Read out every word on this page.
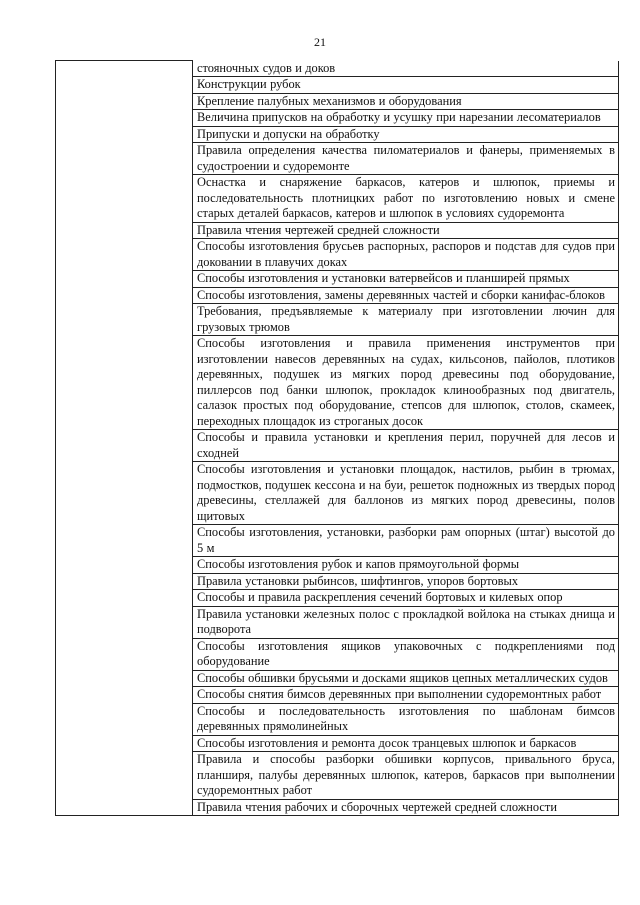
21
	стояночных судов и доков
Конструкции рубок
Крепление палубных механизмов и оборудования
Величина припусков на обработку и усушку при нарезании лесоматериалов
Припуски и допуски на обработку
Правила определения качества пиломатериалов и фанеры, применяемых в судостроении и судоремонте
Оснастка и снаряжение баркасов, катеров и шлюпок, приемы и последовательность плотницких работ по изготовлению новых и смене старых деталей баркасов, катеров и шлюпок в условиях судоремонта
Правила чтения чертежей средней сложности
Способы изготовления брусьев распорных, распоров и подстав для судов при доковании в плавучих доках
Способы изготовления и установки ватервейсов и планширей прямых
Способы изготовления, замены деревянных частей и сборки канифас-блоков
Требования, предъявляемые к материалу при изготовлении лючин для грузовых трюмов
Способы изготовления и правила применения инструментов при изготовлении навесов деревянных на судах, кильсонов, пайолов, плотиков деревянных, подушек из мягких пород древесины под оборудование, пиллерсов под банки шлюпок, прокладок клинообразных под двигатель, салазок простых под оборудование, степсов для шлюпок, столов, скамеек, переходных площадок из строганых досок
Способы и правила установки и крепления перил, поручней для лесов и сходней
Способы изготовления и установки площадок, настилов, рыбин в трюмах, подмостков, подушек кессона и на буи, решеток подножных из твердых пород древесины, стеллажей для баллонов из мягких пород древесины, полов щитовых
Способы изготовления, установки, разборки рам опорных (штаг) высотой до 5 м
Способы изготовления рубок и капов прямоугольной формы
Правила установки рыбинсов, шифтингов, упоров бортовых
Способы и правила раскрепления сечений бортовых и килевых опор
Правила установки железных полос с прокладкой войлока на стыках днища и подворота
Способы изготовления ящиков упаковочных с подкреплениями под оборудование
Способы обшивки брусьями и досками ящиков цепных металлических судов
Способы снятия бимсов деревянных при выполнении судоремонтных работ
Способы и последовательность изготовления по шаблонам бимсов деревянных прямолинейных
Способы изготовления и ремонта досок транцевых шлюпок и баркасов
Правила и способы разборки обшивки корпусов, привального бруса, планширя, палубы деревянных шлюпок, катеров, баркасов при выполнении судоремонтных работ
Правила чтения рабочих и сборочных чертежей средней сложности
